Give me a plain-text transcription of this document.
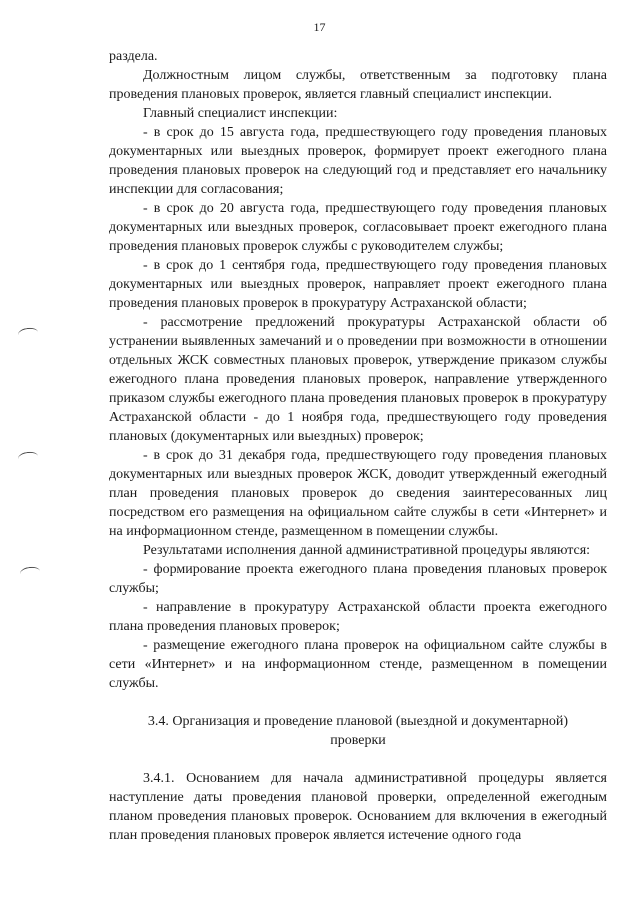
17

раздела.

Должностным лицом службы, ответственным за подготовку плана проведения плановых проверок, является главный специалист инспекции.

Главный специалист инспекции:

- в срок до 15 августа года, предшествующего году проведения плановых документарных или выездных проверок, формирует проект ежегодного плана проведения плановых проверок на следующий год и представляет его начальнику инспекции для согласования;

- в срок до 20 августа года, предшествующего году проведения плановых документарных или выездных проверок, согласовывает проект ежегодного плана проведения плановых проверок службы с руководителем службы;

- в срок до 1 сентября года, предшествующего году проведения плановых документарных или выездных проверок, направляет проект ежегодного плана проведения плановых проверок в прокуратуру Астраханской области;

- рассмотрение предложений прокуратуры Астраханской области об устранении выявленных замечаний и о проведении при возможности в отношении отдельных ЖСК совместных плановых проверок, утверждение приказом службы ежегодного плана проведения плановых проверок, направление утвержденного приказом службы ежегодного плана проведения плановых проверок в прокуратуру Астраханской области - до 1 ноября года, предшествующего году проведения плановых (документарных или выездных) проверок;

- в срок до 31 декабря года, предшествующего году проведения плановых документарных или выездных проверок ЖСК, доводит утвержденный ежегодный план проведения плановых проверок до сведения заинтересованных лиц посредством его размещения на официальном сайте службы в сети «Интернет» и на информационном стенде, размещенном в помещении службы.

Результатами исполнения данной административной процедуры являются:

- формирование проекта ежегодного плана проведения плановых проверок службы;

- направление в прокуратуру Астраханской области проекта ежегодного плана проведения плановых проверок;

- размещение ежегодного плана проверок на официальном сайте службы в сети «Интернет» и на информационном стенде, размещенном в помещении службы.

3.4. Организация и проведение плановой (выездной и документарной) проверки

3.4.1. Основанием для начала административной процедуры является наступление даты проведения плановой проверки, определенной ежегодным планом проведения плановых проверок. Основанием для включения в ежегодный план проведения плановых проверок является истечение одного года
